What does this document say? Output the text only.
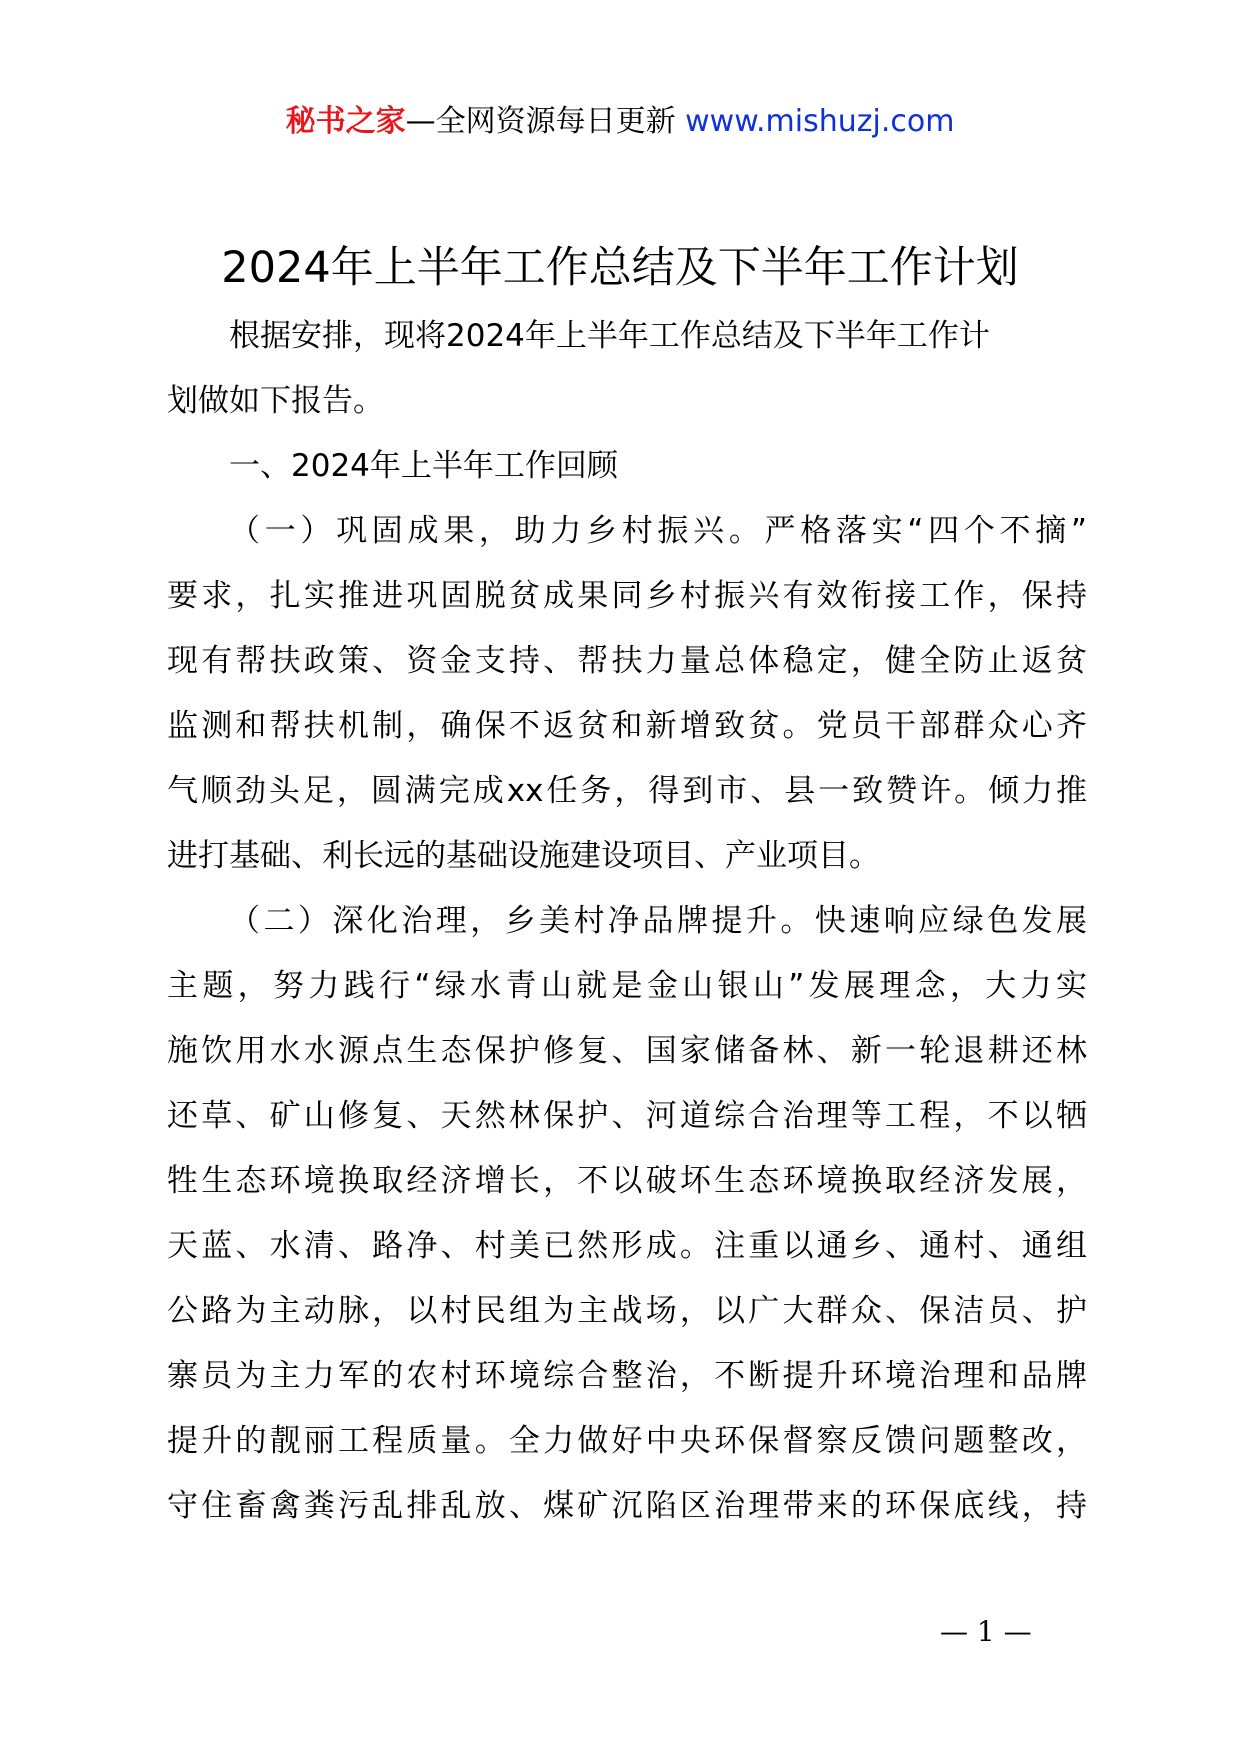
秘书之家—全网资源每日更新 www.mishuzj.com
2024年上半年工作总结及下半年工作计划
根据安排，现将2024年上半年工作总结及下半年工作计
划做如下报告。
一、2024年上半年工作回顾
（一）巩固成果，助力乡村振兴。严格落实“四个不摘”
要求，扎实推进巩固脱贫成果同乡村振兴有效衔接工作，保持
现有帮扶政策、资金支持、帮扶力量总体稳定，健全防止返贫
监测和帮扶机制，确保不返贫和新增致贫。党员干部群众心齐
气顺劲头足，圆满完成xx任务，得到市、县一致赞许。倾力推
进打基础、利长远的基础设施建设项目、产业项目。
（二）深化治理，乡美村净品牌提升。快速响应绿色发展
主题，努力践行“绿水青山就是金山银山”发展理念，大力实
施饮用水水源点生态保护修复、国家储备林、新一轮退耕还林
还草、矿山修复、天然林保护、河道综合治理等工程，不以牺
牲生态环境换取经济增长，不以破坏生态环境换取经济发展，
天蓝、水清、路净、村美已然形成。注重以通乡、通村、通组
公路为主动脉，以村民组为主战场，以广大群众、保洁员、护
寨员为主力军的农村环境综合整治，不断提升环境治理和品牌
提升的靓丽工程质量。全力做好中央环保督察反馈问题整改，
守住畜禽粪污乱排乱放、煤矿沉陷区治理带来的环保底线，持
— 1 —
